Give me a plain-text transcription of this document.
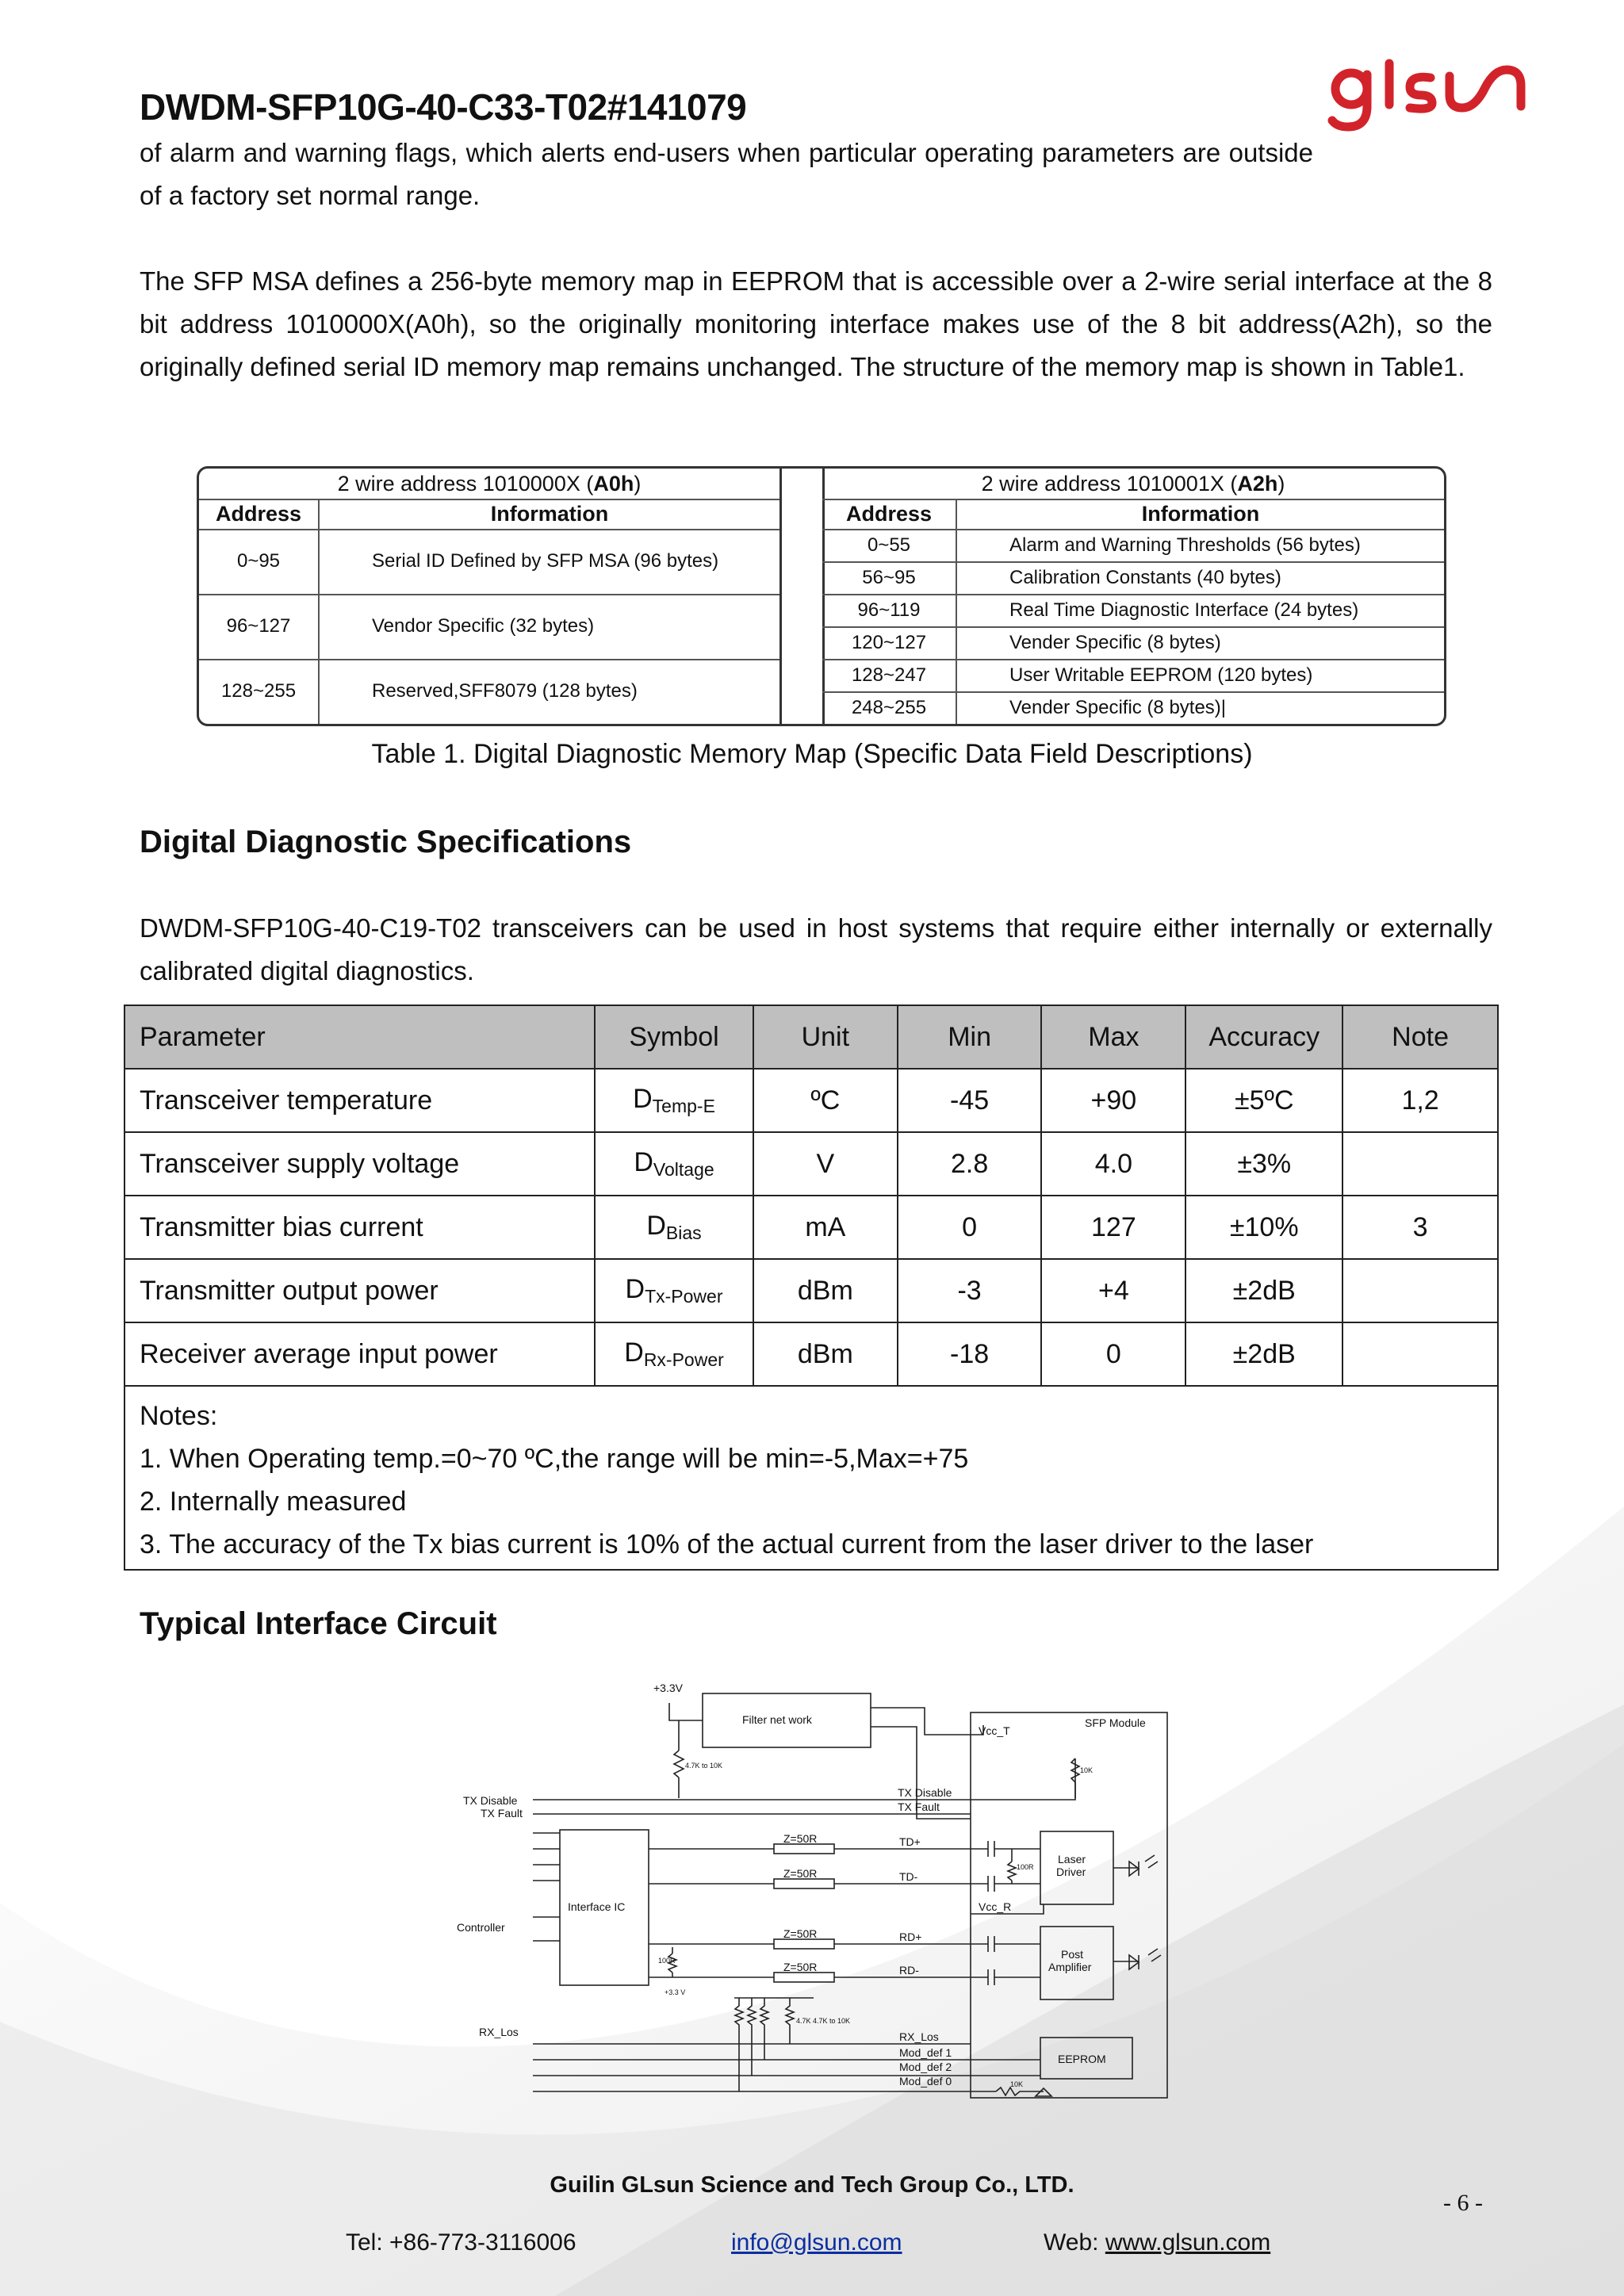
DWDM-SFP10G-40-C33-T02#141079

of alarm and warning flags, which alerts end-users when particular operating parameters are outside of a factory set normal range.

The SFP MSA defines a 256-byte memory map in EEPROM that is accessible over a 2-wire serial interface at the 8 bit address 1010000X(A0h), so the originally monitoring interface makes use of the 8 bit address(A2h), so the originally defined serial ID memory map remains unchanged. The structure of the memory map is shown in Table1.

2 wire address 1010000X ( A0h )
Address	Information
0~95	Serial ID Defined by SFP MSA (96 bytes)
96~127	Vendor Specific (32 bytes)
128~255	Reserved,SFF8079 (128 bytes)
2 wire address 1010001X ( A2h )
Address	Information
0~55	Alarm and Warning Thresholds (56 bytes)
56~95	Calibration Constants (40 bytes)
96~119	Real Time Diagnostic Interface (24 bytes)
120~127	Vender Specific (8 bytes)
128~247	User Writable EEPROM (120 bytes)
248~255	Vender Specific (8 bytes)|
Table 1. Digital Diagnostic Memory Map (Specific Data Field Descriptions)
Digital Diagnostic Specifications

DWDM-SFP10G-40-C19-T02 transceivers can be used in host systems that require either internally or externally calibrated digital diagnostics.

Parameter	Symbol	Unit	Min	Max	Accuracy	Note
Transceiver temperature	$D_{Temp-E}$	ºC	-45	+90	±5ºC	1,2
Transceiver supply voltage	$D_{Voltage}$	V	2.8	4.0	±3%	
Transmitter bias current	$D_{Bias}$	mA	0	127	±10%	3
Transmitter output power	$D_{Tx-Power}$	dBm	-3	+4	±2dB	
Receiver average input power	$D_{Rx-Power}$	dBm	-18	0	±2dB	

Notes:
1. When Operating temp.=0~70 ºC,the range will be min=-5,Max=+75
2. Internally measured
3. The accuracy of the Tx bias current is 10% of the actual current from the laser driver to the laser						
Typical Interface Circuit
+3.3V
Filter net work	SFP Module
Vcc_T
4.7K to 10K
10K
TX Disable
TX Fault
TX Disable
TX Fault
Controller
Interface IC
Z=50R
Z=50R
Z=50R
Z=50R
TD+
TD-
RD+
RD-
100R
100R
+3.3 V
4.7K 4.7K to 10K
Laser
Driver
Vcc_R
Post
Amplifier
RX_Los	RX_Los
Mod_def 1
Mod_def 2
Mod_def 0
EEPROM
10K
Guilin GLsun Science and Tech Group Co., LTD.
- 6 -
Tel: +86-773-3116006	info@glsun.com	Web: www.glsun.com
